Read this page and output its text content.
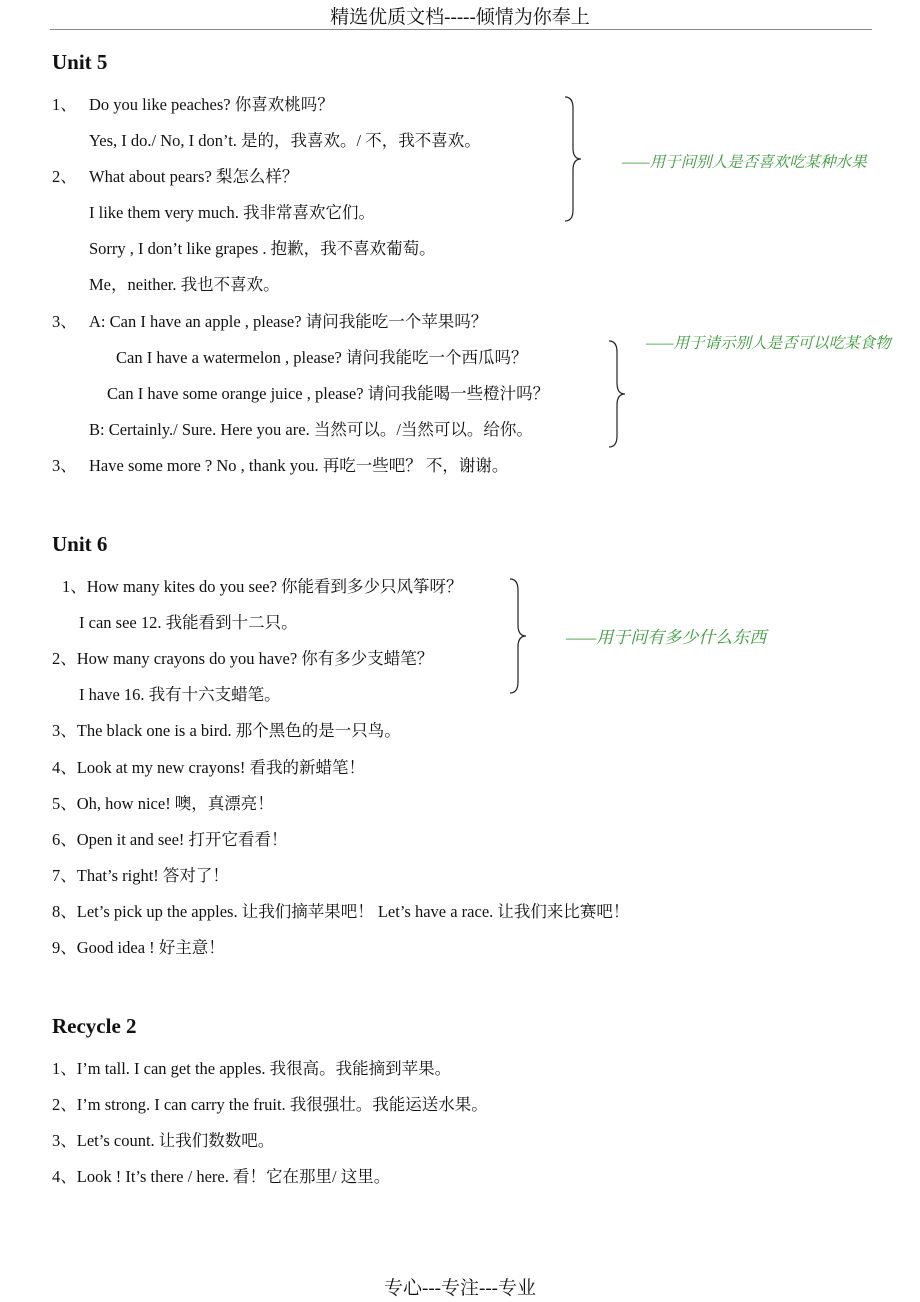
精选优质文档-----倾情为你奉上
Unit 5
1、 Do you like peaches? 你喜欢桃吗？
Yes, I do./ No, I don’t. 是的，我喜欢。/ 不，我不喜欢。
2、 What about pears? 梨怎么样？
I like them very much. 我非常喜欢它们。
Sorry , I don’t like grapes . 抱歉，我不喜欢葡萄。
Me，neither. 我也不喜欢。
3、 A: Can I have an apple , please? 请问我能吃一个苹果吗？
Can I have a watermelon , please? 请问我能吃一个西瓜吗？
Can I have some orange juice , please? 请问我能喝一些橙汁吗？
B: Certainly./ Sure. Here you are. 当然可以。/当然可以。给你。
3、 Have some more ? No , thank you. 再吃一些吧？ 不，谢谢。
——用于问别人是否喜欢吃某种水果
——用于请示别人是否可以吃某食物
Unit 6
1、How many kites do you see? 你能看到多少只风筝呀？
I can see 12. 我能看到十二只。
2、How many crayons do you have? 你有多少支蜡笔？
I have 16. 我有十六支蜡笔。
3、The black one is a bird. 那个黑色的是一只鸟。
4、Look at my new crayons! 看我的新蜡笔！
5、Oh, how nice! 噢，真漂亮！
6、Open it and see! 打开它看看！
7、That’s right! 答对了！
8、Let’s pick up the apples. 让我们摘苹果吧！ Let’s have a race. 让我们来比赛吧！
9、Good idea ! 好主意！
——用于问有多少什么东西
Recycle 2
1、I’m tall. I can get the apples. 我很高。我能摘到苹果。
2、I’m strong. I can carry the fruit. 我很强壮。我能运送水果。
3、Let’s count. 让我们数数吧。
4、Look ! It’s there / here. 看！它在那里/ 这里。
专心---专注---专业
